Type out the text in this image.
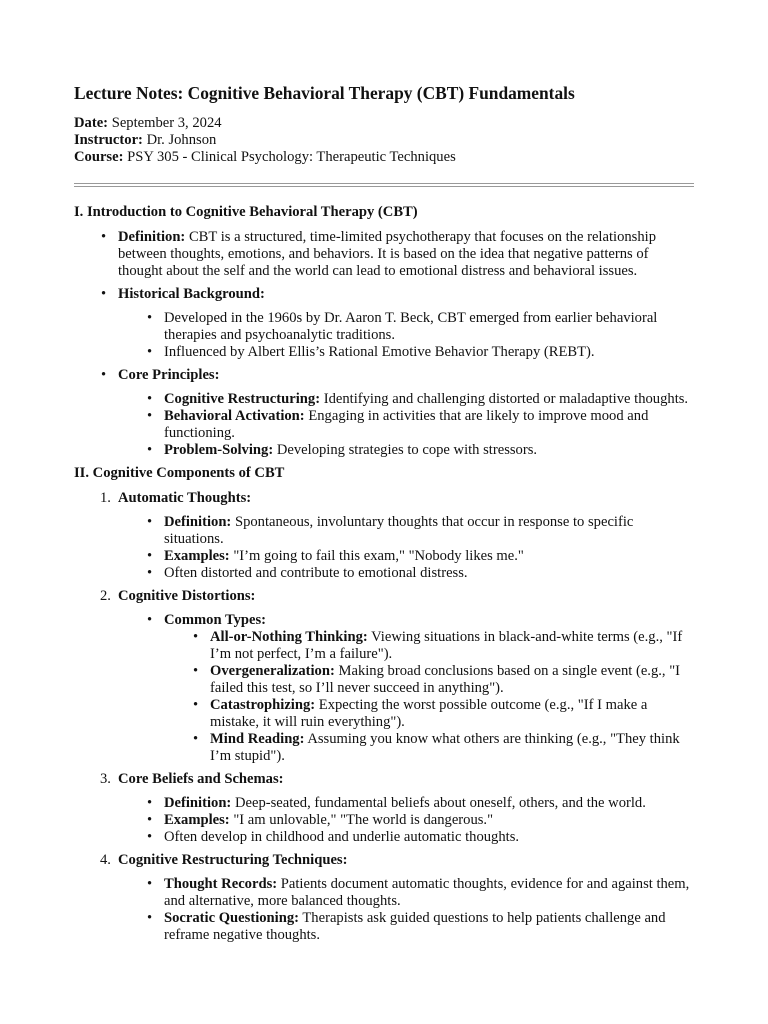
Lecture Notes: Cognitive Behavioral Therapy (CBT) Fundamentals

Date: September 3, 2024

Instructor: Dr. Johnson

Course: PSY 305 - Clinical Psychology: Therapeutic Techniques

I. Introduction to Cognitive Behavioral Therapy (CBT)
• Definition: CBT is a structured, time-limited psychotherapy that focuses on the relationship between thoughts, emotions, and behaviors. It is based on the idea that negative patterns of thought about the self and the world can lead to emotional distress and behavioral issues.
• Historical Background:
• Developed in the 1960s by Dr. Aaron T. Beck, CBT emerged from earlier behavioral therapies and psychoanalytic traditions.
• Influenced by Albert Ellis’s Rational Emotive Behavior Therapy (REBT).
• Core Principles:
• Cognitive Restructuring: Identifying and challenging distorted or maladaptive thoughts.
• Behavioral Activation: Engaging in activities that are likely to improve mood and functioning.
• Problem-Solving: Developing strategies to cope with stressors.
II. Cognitive Components of CBT
1. Automatic Thoughts:
• Definition: Spontaneous, involuntary thoughts that occur in response to specific situations.
• Examples: "I’m going to fail this exam," "Nobody likes me."
• Often distorted and contribute to emotional distress.
2. Cognitive Distortions:
• Common Types:
• All-or-Nothing Thinking: Viewing situations in black-and-white terms (e.g., "If I’m not perfect, I’m a failure").
• Overgeneralization: Making broad conclusions based on a single event (e.g., "I failed this test, so I’ll never succeed in anything").
• Catastrophizing: Expecting the worst possible outcome (e.g., "If I make a mistake, it will ruin everything").
• Mind Reading: Assuming you know what others are thinking (e.g., "They think I’m stupid").
3. Core Beliefs and Schemas:
• Definition: Deep-seated, fundamental beliefs about oneself, others, and the world.
• Examples: "I am unlovable," "The world is dangerous."
• Often develop in childhood and underlie automatic thoughts.
4. Cognitive Restructuring Techniques:
• Thought Records: Patients document automatic thoughts, evidence for and against them, and alternative, more balanced thoughts.
• Socratic Questioning: Therapists ask guided questions to help patients challenge and reframe negative thoughts.
